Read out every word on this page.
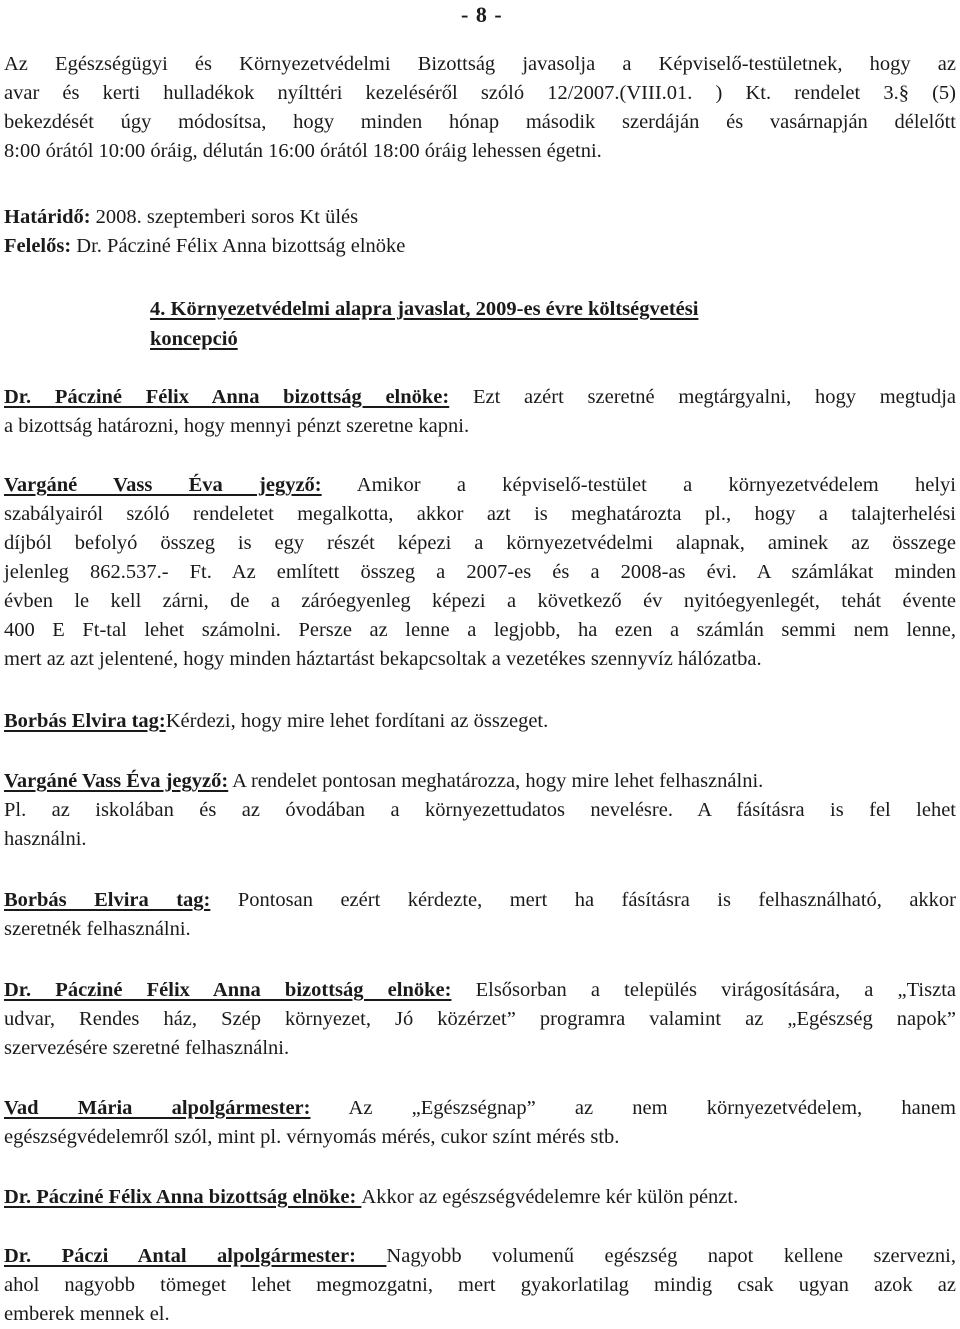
- 8 -
Az Egészségügyi és Környezetvédelmi Bizottság javasolja a Képviselő-testületnek, hogy az
avar és kerti hulladékok nyílttéri kezeléséről szóló 12/2007.(VIII.01. ) Kt. rendelet 3.§ (5)
bekezdését úgy módosítsa, hogy minden hónap második szerdáján és vasárnapján délelőtt
8:00 órától 10:00 óráig, délután 16:00 órától 18:00 óráig lehessen égetni.
Határidő: 2008. szeptemberi soros Kt ülés
Felelős: Dr. Pácziné Félix Anna bizottság elnöke
4. Környezetvédelmi alapra javaslat, 2009-es évre költségvetési
koncepció
Dr. Pácziné Félix Anna bizottság elnöke: Ezt azért szeretné megtárgyalni, hogy megtudja
a bizottság határozni, hogy mennyi pénzt szeretne kapni.
Vargáné Vass Éva jegyző: Amikor a képviselő-testület a környezetvédelem helyi
szabályairól szóló rendeletet megalkotta, akkor azt is meghatározta pl., hogy a talajterhelési
díjból befolyó összeg is egy részét képezi a környezetvédelmi alapnak, aminek az összege
jelenleg 862.537.- Ft. Az említett összeg a 2007-es és a 2008-as évi. A számlákat minden
évben le kell zárni, de a záróegyenleg képezi a következő év nyitóegyenlegét, tehát évente
400 E Ft-tal lehet számolni. Persze az lenne a legjobb, ha ezen a számlán semmi nem lenne,
mert az azt jelentené, hogy minden háztartást bekapcsoltak a vezetékes szennyvíz hálózatba.
Borbás Elvira tag:Kérdezi, hogy mire lehet fordítani az összeget.
Vargáné Vass Éva jegyző: A rendelet pontosan meghatározza, hogy mire lehet felhasználni.
Pl. az iskolában és az óvodában a környezettudatos nevelésre. A fásításra is fel lehet
használni.
Borbás Elvira tag: Pontosan ezért kérdezte, mert ha fásításra is felhasználható, akkor
szeretnék felhasználni.
Dr. Pácziné Félix Anna bizottság elnöke: Elsősorban a település virágosítására, a „Tiszta
udvar, Rendes ház, Szép környezet, Jó közérzet” programra valamint az „Egészség napok”
szervezésére szeretné felhasználni.
Vad Mária alpolgármester: Az „Egészségnap” az nem környezetvédelem, hanem
egészségvédelemről szól, mint pl. vérnyomás mérés, cukor színt mérés stb.
Dr. Pácziné Félix Anna bizottság elnöke: Akkor az egészségvédelemre kér külön pénzt.
Dr. Páczi Antal alpolgármester: Nagyobb volumenű egészség napot kellene szervezni,
ahol nagyobb tömeget lehet megmozgatni, mert gyakorlatilag mindig csak ugyan azok az
emberek mennek el.
